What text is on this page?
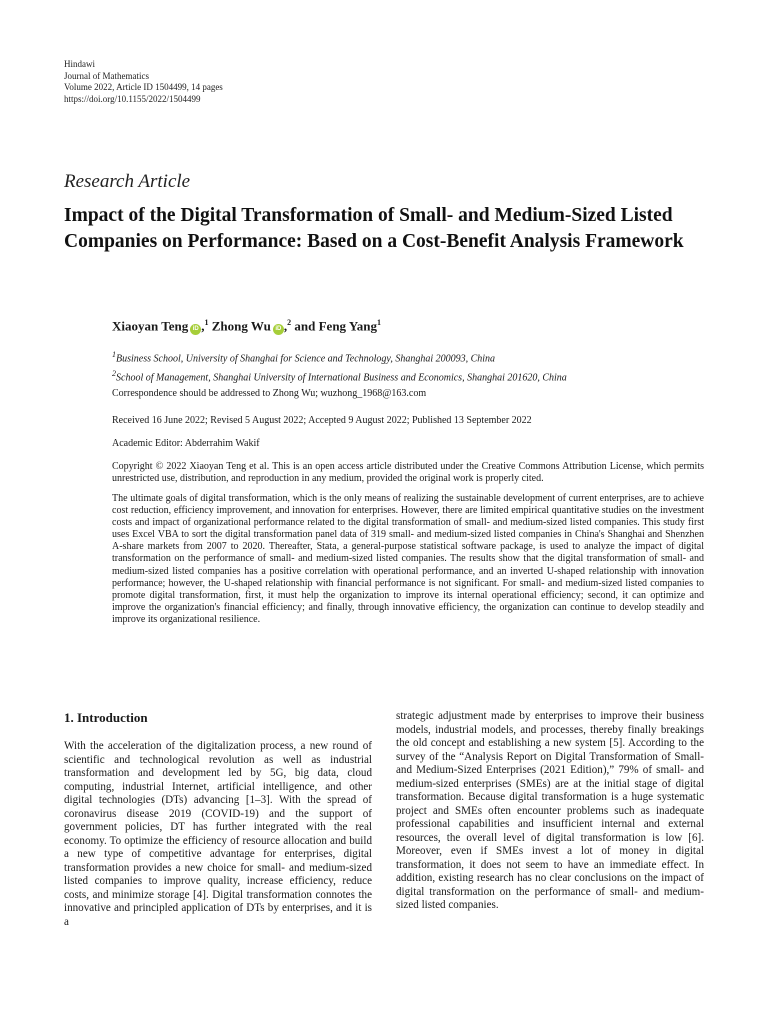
Hindawi
Journal of Mathematics
Volume 2022, Article ID 1504499, 14 pages
https://doi.org/10.1155/2022/1504499
Research Article
Impact of the Digital Transformation of Small- and Medium-Sized Listed Companies on Performance: Based on a Cost-Benefit Analysis Framework
Xiaoyan Teng iD ,$^1$ Zhong Wu iD ,$^2$ and Feng Yang$^1$
$^1$Business School, University of Shanghai for Science and Technology, Shanghai 200093, China
$^2$School of Management, Shanghai University of International Business and Economics, Shanghai 201620, China
Correspondence should be addressed to Zhong Wu; wuzhong_1968@163.com
Received 16 June 2022; Revised 5 August 2022; Accepted 9 August 2022; Published 13 September 2022
Academic Editor: Abderrahim Wakif
Copyright © 2022 Xiaoyan Teng et al. This is an open access article distributed under the Creative Commons Attribution License, which permits unrestricted use, distribution, and reproduction in any medium, provided the original work is properly cited.
The ultimate goals of digital transformation, which is the only means of realizing the sustainable development of current enterprises, are to achieve cost reduction, efficiency improvement, and innovation for enterprises. However, there are limited empirical quantitative studies on the investment costs and impact of organizational performance related to the digital transformation of small- and medium-sized listed companies. This study first uses Excel VBA to sort the digital transformation panel data of 319 small- and medium-sized listed companies in China's Shanghai and Shenzhen A-share markets from 2007 to 2020. Thereafter, Stata, a general-purpose statistical software package, is used to analyze the impact of digital transformation on the performance of small- and medium-sized listed companies. The results show that the digital transformation of small- and medium-sized listed companies has a positive correlation with operational performance, and an inverted U-shaped relationship with innovation performance; however, the U-shaped relationship with financial performance is not significant. For small- and medium-sized listed companies to promote digital transformation, first, it must help the organization to improve its internal operational efficiency; second, it can optimize and improve the organization's financial efficiency; and finally, through innovative efficiency, the organization can continue to develop steadily and improve its organizational resilience.
1. Introduction
With the acceleration of the digitalization process, a new round of scientific and technological revolution as well as industrial transformation and development led by 5G, big data, cloud computing, industrial Internet, artificial intelligence, and other digital technologies (DTs) advancing [1–3]. With the spread of coronavirus disease 2019 (COVID-19) and the support of government policies, DT has further integrated with the real economy. To optimize the efficiency of resource allocation and build a new type of competitive advantage for enterprises, digital transformation provides a new choice for small- and medium-sized listed companies to improve quality, increase efficiency, reduce costs, and minimize storage [4]. Digital transformation connotes the innovative and principled application of DTs by enterprises, and it is a
strategic adjustment made by enterprises to improve their business models, industrial models, and processes, thereby finally breakings the old concept and establishing a new system [5]. According to the survey of the “Analysis Report on Digital Transformation of Small- and Medium-Sized Enterprises (2021 Edition),” 79% of small- and medium-sized enterprises (SMEs) are at the initial stage of digital transformation. Because digital transformation is a huge systematic project and SMEs often encounter problems such as inadequate professional capabilities and insufficient internal and external resources, the overall level of digital transformation is low [6]. Moreover, even if SMEs invest a lot of money in digital transformation, it does not seem to have an immediate effect. In addition, existing research has no clear conclusions on the impact of digital transformation on the performance of small- and medium-sized listed companies.
